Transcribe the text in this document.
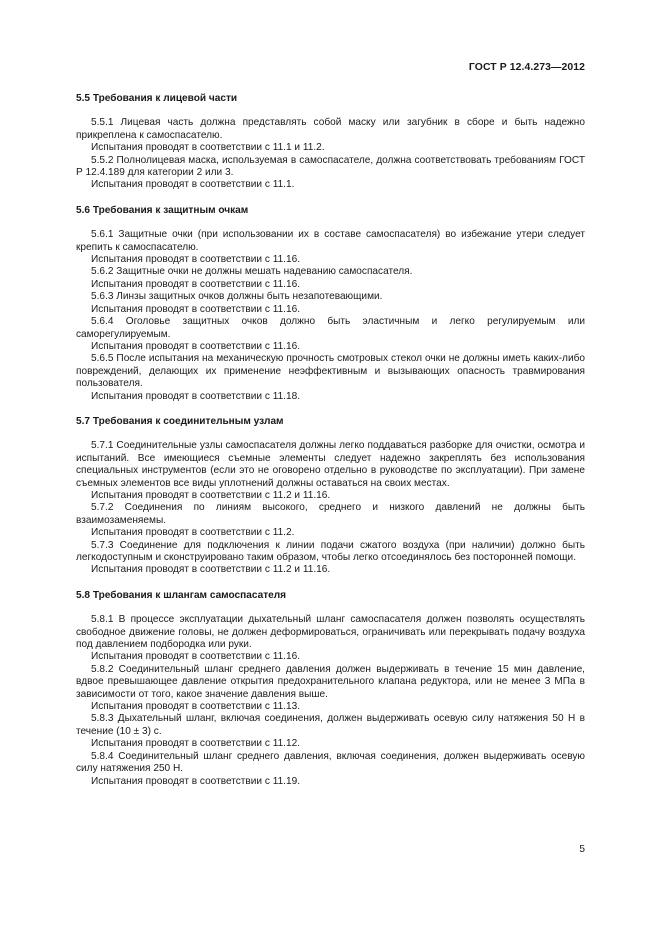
ГОСТ Р 12.4.273—2012
5.5 Требования к лицевой части

5.5.1 Лицевая часть должна представлять собой маску или загубник в сборе и быть надежно прикреплена к самоспасателю.

Испытания проводят в соответствии с 11.1 и 11.2.

5.5.2 Полнолицевая маска, используемая в самоспасателе, должна соответствовать требованиям ГОСТ Р 12.4.189 для категории 2 или 3.

Испытания проводят в соответствии с 11.1.

5.6 Требования к защитным очкам

5.6.1 Защитные очки (при использовании их в составе самоспасателя) во избежание утери следует крепить к самоспасателю.

Испытания проводят в соответствии с 11.16.

5.6.2 Защитные очки не должны мешать надеванию самоспасателя.

Испытания проводят в соответствии с 11.16.

5.6.3 Линзы защитных очков должны быть незапотевающими.

Испытания проводят в соответствии с 11.16.

5.6.4 Оголовье защитных очков должно быть эластичным и легко регулируемым или саморегулируемым.

Испытания проводят в соответствии с 11.16.

5.6.5 После испытания на механическую прочность смотровых стекол очки не должны иметь каких-либо повреждений, делающих их применение неэффективным и вызывающих опасность травмирования пользователя.

Испытания проводят в соответствии с 11.18.

5.7 Требования к соединительным узлам

5.7.1 Соединительные узлы самоспасателя должны легко поддаваться разборке для очистки, осмотра и испытаний. Все имеющиеся съемные элементы следует надежно закреплять без использования специальных инструментов (если это не оговорено отдельно в руководстве по эксплуатации). При замене съемных элементов все виды уплотнений должны оставаться на своих местах.

Испытания проводят в соответствии с 11.2 и 11.16.

5.7.2 Соединения по линиям высокого, среднего и низкого давлений не должны быть взаимозаменяемы.

Испытания проводят в соответствии с 11.2.

5.7.3 Соединение для подключения к линии подачи сжатого воздуха (при наличии) должно быть легкодоступным и сконструировано таким образом, чтобы легко отсоединялось без посторонней помощи.

Испытания проводят в соответствии с 11.2 и 11.16.

5.8 Требования к шлангам самоспасателя

5.8.1 В процессе эксплуатации дыхательный шланг самоспасателя должен позволять осуществлять свободное движение головы, не должен деформироваться, ограничивать или перекрывать подачу воздуха под давлением подбородка или руки.

Испытания проводят в соответствии с 11.16.

5.8.2 Соединительный шланг среднего давления должен выдерживать в течение 15 мин давление, вдвое превышающее давление открытия предохранительного клапана редуктора, или не менее 3 МПа в зависимости от того, какое значение давления выше.

Испытания проводят в соответствии с 11.13.

5.8.3 Дыхательный шланг, включая соединения, должен выдерживать осевую силу натяжения 50 Н в течение (10 ± 3) с.

Испытания проводят в соответствии с 11.12.

5.8.4 Соединительный шланг среднего давления, включая соединения, должен выдерживать осевую силу натяжения 250 Н.

Испытания проводят в соответствии с 11.19.

5
